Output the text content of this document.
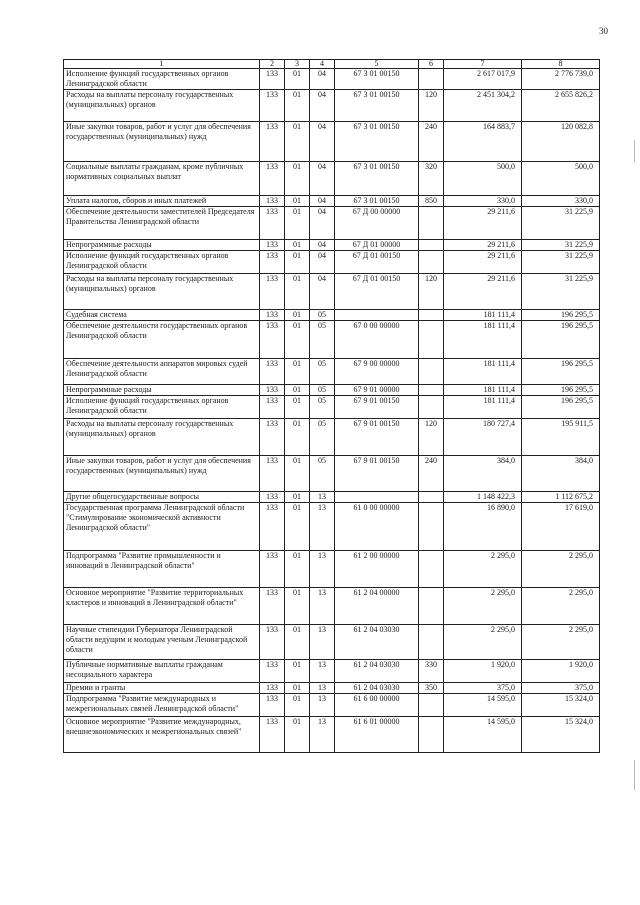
30
1	2	3	4	5	6	7	8
Исполнение функций государственных органов Ленинградской области	133	01	04	67 3 01 00150		2 617 017,9	2 776 739,0
Расходы на выплаты персоналу государственных (муниципальных) органов	133	01	04	67 3 01 00150	120	2 451 304,2	2 655 826,2
Иные закупки товаров, работ и услуг для обеспечения государственных (муниципальных) нужд	133	01	04	67 3 01 00150	240	164 883,7	120 082,8
Социальные выплаты гражданам, кроме публичных нормативных социальных выплат	133	01	04	67 3 01 00150	320	500,0	500,0
Уплата налогов, сборов и иных платежей	133	01	04	67 3 01 00150	850	330,0	330,0
Обеспечение деятельности заместителей Председателя Правительства Ленинградской области	133	01	04	67 Д 00 00000		29 211,6	31 225,9
Непрограммные расходы	133	01	04	67 Д 01 00000		29 211,6	31 225,9
Исполнение функций государственных органов Ленинградской области	133	01	04	67 Д 01 00150		29 211,6	31 225,9
Расходы на выплаты персоналу государственных (муниципальных) органов	133	01	04	67 Д 01 00150	120	29 211,6	31 225,9
Судебная система	133	01	05			181 111,4	196 295,5
Обеспечение деятельности государственных органов Ленинградской области	133	01	05	67 0 00 00000		181 111,4	196 295,5
Обеспечение деятельности аппаратов мировых судей Ленинградской области	133	01	05	67 9 00 00000		181 111,4	196 295,5
Непрограммные расходы	133	01	05	67 9 01 00000		181 111,4	196 295,5
Исполнение функций государственных органов Ленинградской области	133	01	05	67 9 01 00150		181 111,4	196 295,5
Расходы на выплаты персоналу государственных (муниципальных) органов	133	01	05	67 9 01 00150	120	180 727,4	195 911,5
Иные закупки товаров, работ и услуг для обеспечения государственных (муниципальных) нужд	133	01	05	67 9 01 00150	240	384,0	384,0
Другие общегосударственные вопросы	133	01	13			1 148 422,3	1 112 675,2
Государственная программа Ленинградской области "Стимулирование экономической активности Ленинградской области"	133	01	13	61 0 00 00000		16 890,0	17 619,0
Подпрограмма "Развитие промышленности и инноваций в Ленинградской области"	133	01	13	61 2 00 00000		2 295,0	2 295,0
Основное мероприятие "Развитие территориальных кластеров и инноваций в Ленинградской области"	133	01	13	61 2 04 00000		2 295,0	2 295,0
Научные стипендии Губернатора Ленинградской области ведущим и молодым ученым Ленинградской области	133	01	13	61 2 04 03030		2 295,0	2 295,0
Публичные нормативные выплаты гражданам несоциального характера	133	01	13	61 2 04 03030	330	1 920,0	1 920,0
Премии и гранты	133	01	13	61 2 04 03030	350	375,0	375,0
Подпрограмма "Развитие международных и межрегиональных связей Ленинградской области"	133	01	13	61 6 00 00000		14 595,0	15 324,0
Основное мероприятие "Развитие международных, внешнеэкономических и межрегиональных связей"	133	01	13	61 6 01 00000		14 595,0	15 324,0
